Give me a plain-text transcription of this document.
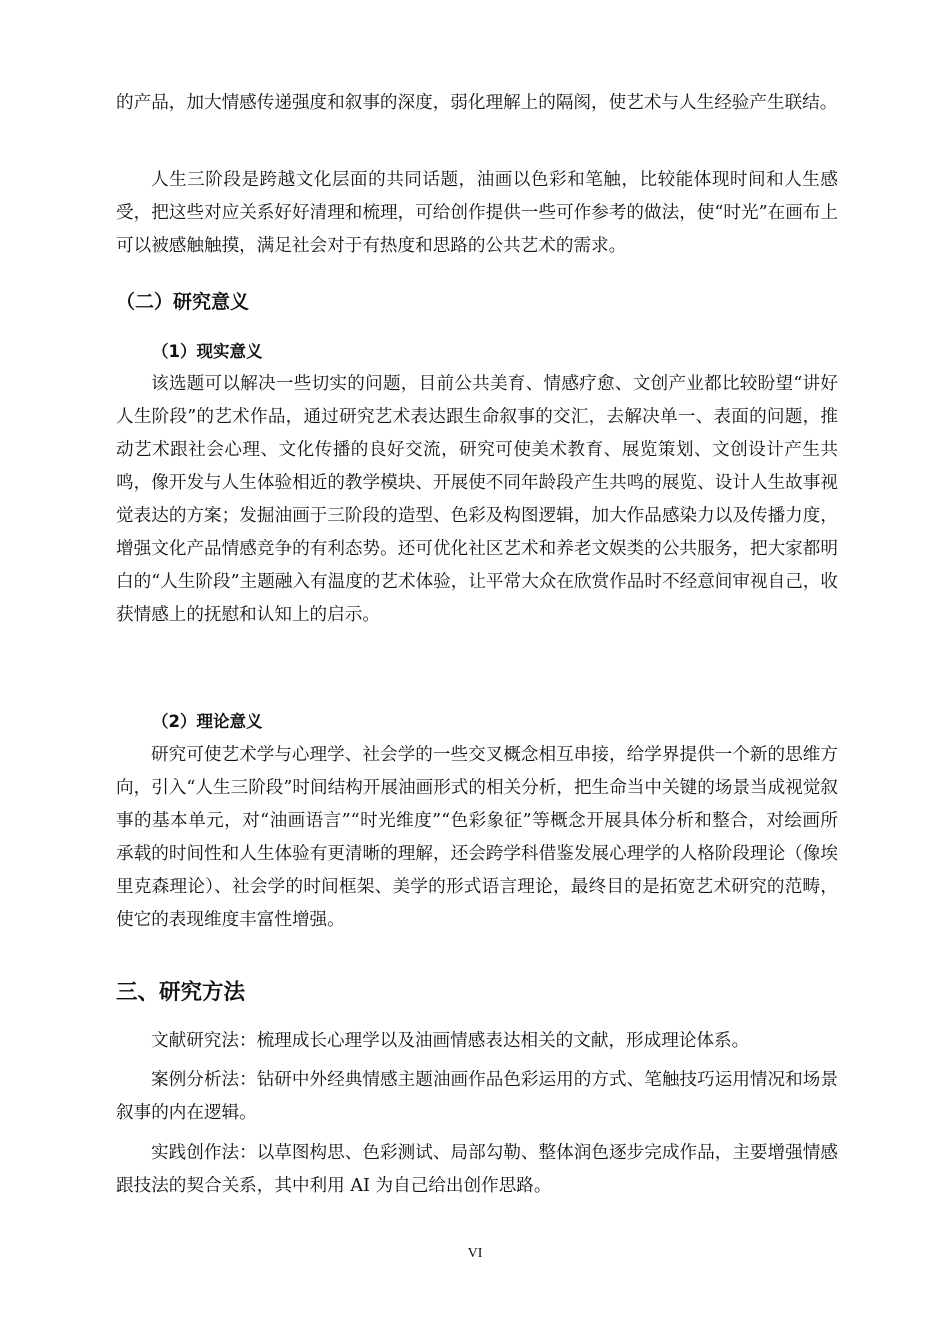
的产品，加大情感传递强度和叙事的深度，弱化理解上的隔阂，使艺术与人生经验产生联结。

人生三阶段是跨越文化层面的共同话题，油画以色彩和笔触，比较能体现时间和人生感受，把这些对应关系好好清理和梳理，可给创作提供一些可作参考的做法，使“时光”在画布上可以被感触触摸，满足社会对于有热度和思路的公共艺术的需求。

（二）研究意义
（1）现实意义

该选题可以解决一些切实的问题，目前公共美育、情感疗愈、文创产业都比较盼望“讲好人生阶段”的艺术作品，通过研究艺术表达跟生命叙事的交汇，去解决单一、表面的问题，推动艺术跟社会心理、文化传播的良好交流，研究可使美术教育、展览策划、文创设计产生共鸣，像开发与人生体验相近的教学模块、开展使不同年龄段产生共鸣的展览、设计人生故事视觉表达的方案；发掘油画于三阶段的造型、色彩及构图逻辑，加大作品感染力以及传播力度，增强文化产品情感竞争的有利态势。还可优化社区艺术和养老文娱类的公共服务，把大家都明白的“人生阶段”主题融入有温度的艺术体验，让平常大众在欣赏作品时不经意间审视自己，收获情感上的抚慰和认知上的启示。

（2）理论意义

研究可使艺术学与心理学、社会学的一些交叉概念相互串接，给学界提供一个新的思维方向，引入“人生三阶段”时间结构开展油画形式的相关分析，把生命当中关键的场景当成视觉叙事的基本单元，对“油画语言”“时光维度”“色彩象征”等概念开展具体分析和整合，对绘画所承载的时间性和人生体验有更清晰的理解，还会跨学科借鉴发展心理学的人格阶段理论（像埃里克森理论）、社会学的时间框架、美学的形式语言理论，最终目的是拓宽艺术研究的范畴，使它的表现维度丰富性增强。

三、研究方法

文献研究法：梳理成长心理学以及油画情感表达相关的文献，形成理论体系。

案例分析法：钻研中外经典情感主题油画作品色彩运用的方式、笔触技巧运用情况和场景叙事的内在逻辑。

实践创作法：以草图构思、色彩测试、局部勾勒、整体润色逐步完成作品，主要增强情感跟技法的契合关系，其中利用 AI 为自己给出创作思路。

VI
